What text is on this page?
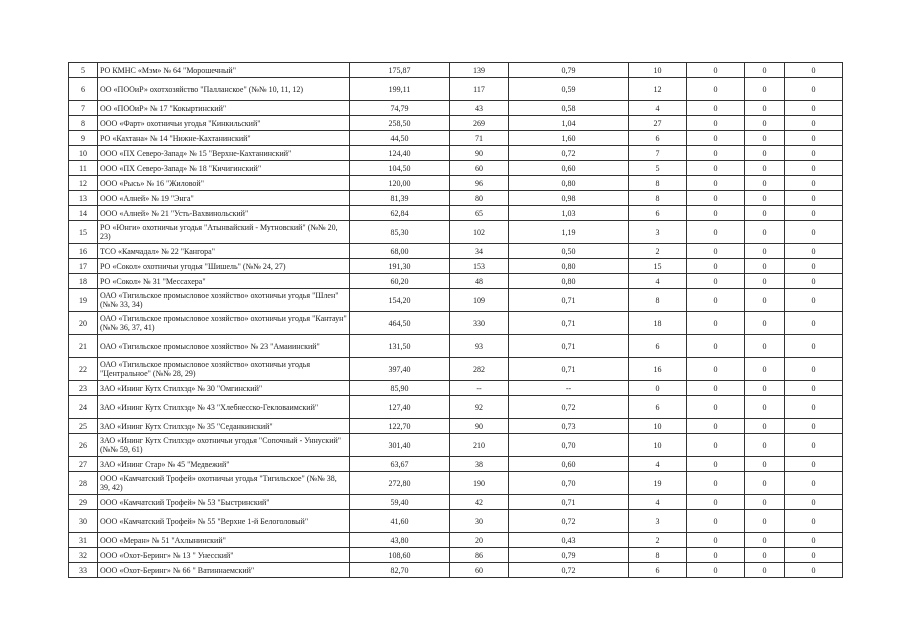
5	РО КМНС «Мэм» № 64 "Морошечный"	175,87	139	0,79	10	0	0	0
6	ОО «ПООиР» охотхозяйство "Палланское" (№№ 10, 11, 12)	199,11	117	0,59	12	0	0	0
7	ОО «ПООиР» № 17 "Кокыртинский"	74,79	43	0,58	4	0	0	0
8	ООО «Фарт» охотничьи угодья "Кинкильский"	258,50	269	1,04	27	0	0	0
9	РО «Кахтана» № 14 "Нижне-Кахтанинский"	44,50	71	1,60	6	0	0	0
10	ООО «ПХ Северо-Запад» № 15 "Верхне-Кахтанинский"	124,40	90	0,72	7	0	0	0
11	ООО «ПХ Северо-Запад» № 18 "Кичигинский"	104,50	60	0,60	5	0	0	0
12	ООО «Рысь» № 16 "Жиловой"	120,00	96	0,80	8	0	0	0
13	ООО «Алней» № 19 "Энга"	81,39	80	0,98	8	0	0	0
14	ООО «Алней» № 21 "Усть-Вахвинольский"	62,84	65	1,03	6	0	0	0
15	РО «Юнги» охотничьи угодья "Атынвайский - Мутновский" (№№ 20, 23)	85,30	102	1,19	3	0	0	0
16	ТСО «Камчадал» № 22 "Кангора"	68,00	34	0,50	2	0	0	0
17	РО «Сокол» охотничьи угодья "Шишель" (№№ 24, 27)	191,30	153	0,80	15	0	0	0
18	РО «Сокол» № 31 "Мессахера"	60,20	48	0,80	4	0	0	0
19	ОАО «Тигильское промысловое хозяйство» охотничьи угодья "Шлен" (№№ 33, 34)	154,20	109	0,71	8	0	0	0
20	ОАО «Тигильское промысловое хозяйство» охотничьи угодья "Кантаун" (№№ 36, 37, 41)	464,50	330	0,71	18	0	0	0
21	ОАО «Тигильское промысловое хозяйство» № 23 "Амаиинский"	131,50	93	0,71	6	0	0	0
22	ОАО «Тигильское промысловое хозяйство» охотничьи угодья "Центральное" (№№ 28, 29)	397,40	282	0,71	16	0	0	0
23	ЗАО «Ининг Кутх Стилхэд» № 30 "Омгинский"	85,90	--	--	0	0	0	0
24	ЗАО «Ининг Кутх Стилхэд» № 43 "Хлебнесско-Гекловаимский"	127,40	92	0,72	6	0	0	0
25	ЗАО «Ининг Кутх Стилхэд» № 35 "Седанкинский"	122,70	90	0,73	10	0	0	0
26	ЗАО «Ининг Кутх Стилхэд» охотничьи угодья "Сопочный - Уннуский" (№№ 59, 61)	301,40	210	0,70	10	0	0	0
27	ЗАО «Ининг Стар» № 45 "Медвежий"	63,67	38	0,60	4	0	0	0
28	ООО «Камчатский Трофей» охотничьи угодья "Тигильское" (№№ 38, 39, 42)	272,80	190	0,70	19	0	0	0
29	ООО «Камчатский Трофей» № 53 "Быстринский"	59,40	42	0,71	4	0	0	0
30	ООО «Камчатский Трофей» № 55 "Верхне 1-й Белоголовый"	41,60	30	0,72	3	0	0	0
31	ООО «Меран» № 51 "Ахлынинский"	43,80	20	0,43	2	0	0	0
32	ООО «Охот-Беринг» № 13 " Унесский"	108,60	86	0,79	8	0	0	0
33	ООО «Охот-Беринг» № 66 " Ватиннаемский"	82,70	60	0,72	6	0	0	0
